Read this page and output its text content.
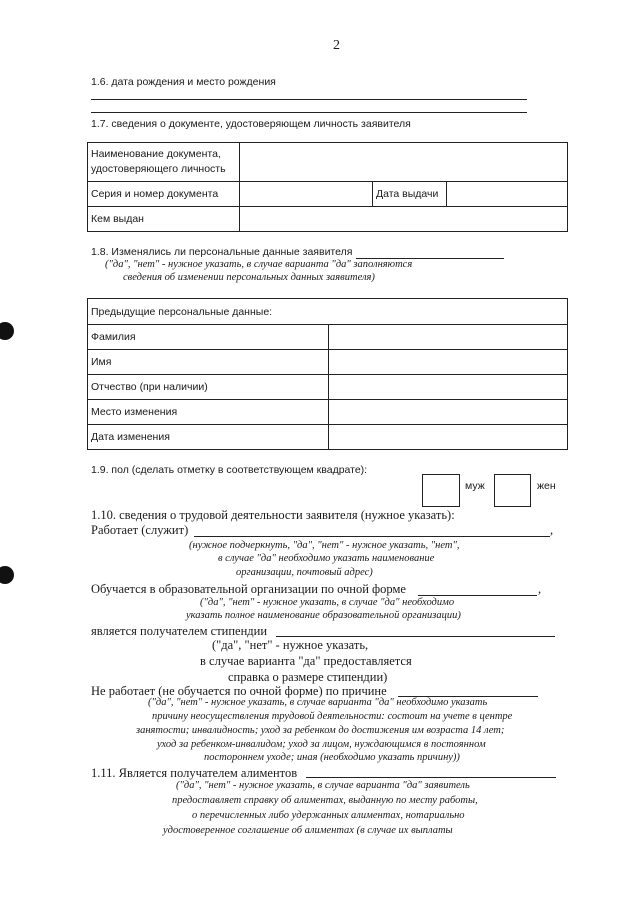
2
1.6. дата рождения и место рождения
1.7. сведения о документе, удостоверяющем личность заявителя
Наименование документа, удостоверяющего личность			
Серия и номер документа		Дата выдачи	
Кем выдан			
1.8. Изменялись ли персональные данные заявителя
("да", "нет" - нужное указать, в случае варианта "да" заполняются
сведения об изменении персональных данных заявителя)
Предыдущие персональные данные:	
Фамилия	
Имя	
Отчество (при наличии)	
Место изменения	
Дата изменения	
1.9. пол (сделать отметку в соответствующем квадрате):
муж	жен
1.10. сведения о трудовой деятельности заявителя (нужное указать):
Работает (служит)	,
(нужное подчеркнуть, "да", "нет" - нужное указать, "нет",
в случае "да" необходимо указать наименование
организации, почтовый адрес)
Обучается в образовательной организации по очной форме	,
("да", "нет" - нужное указать, в случае "да" необходимо
указать полное наименование образовательной организации)
является получателем стипендии
("да", "нет" - нужное указать,
в случае варианта "да" предоставляется
справка о размере стипендии)
Не работает (не обучается по очной форме) по причине
("да", "нет" - нужное указать, в случае варианта "да" необходимо указать
причину неосуществления трудовой деятельности: состоит на учете в центре
занятости; инвалидность; уход за ребенком до достижения им возраста 14 лет;
уход за ребенком-инвалидом; уход за лицом, нуждающимся в постоянном
постороннем уходе; иная (необходимо указать причину))
1.11. Является получателем алиментов
("да", "нет" - нужное указать, в случае варианта "да" заявитель
предоставляет справку об алиментах, выданную по месту работы,
о перечисленных либо удержанных алиментах, нотариально
удостоверенное соглашение об алиментах (в случае их выплаты
